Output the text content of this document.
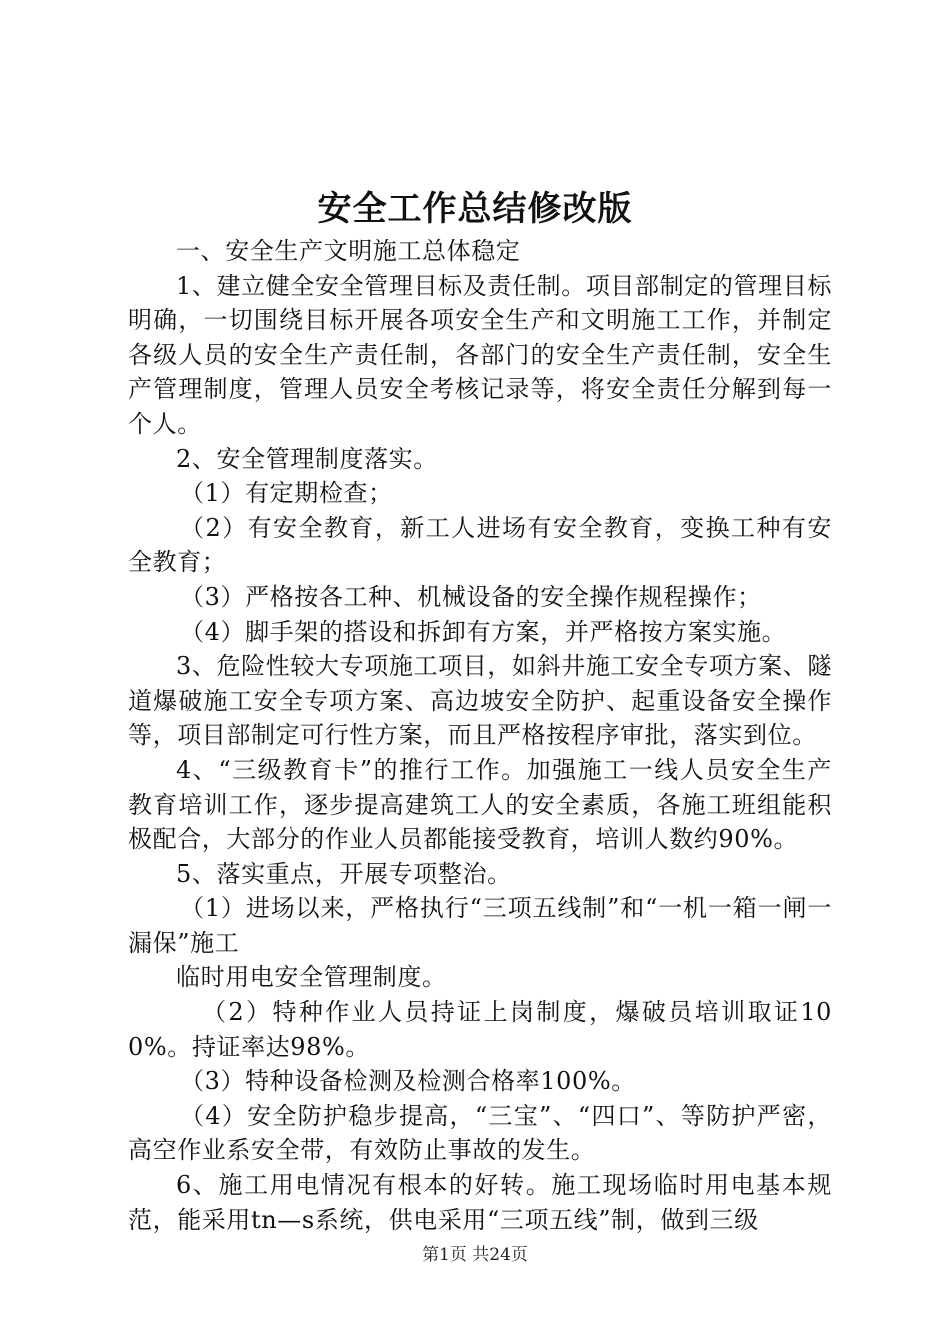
安全工作总结修改版

一、安全生产文明施工总体稳定

1、建立健全安全管理目标及责任制。项目部制定的管理目标明确，一切围绕目标开展各项安全生产和文明施工工作，并制定各级人员的安全生产责任制，各部门的安全生产责任制，安全生产管理制度，管理人员安全考核记录等，将安全责任分解到每一个人。

2、安全管理制度落实。

（1）有定期检查；

（2）有安全教育，新工人进场有安全教育，变换工种有安全教育；

（3）严格按各工种、机械设备的安全操作规程操作；

（4）脚手架的搭设和拆卸有方案，并严格按方案实施。

3、危险性较大专项施工项目，如斜井施工安全专项方案、隧道爆破施工安全专项方案、高边坡安全防护、起重设备安全操作等，项目部制定可行性方案，而且严格按程序审批，落实到位。

4、“三级教育卡”的推行工作。加强施工一线人员安全生产教育培训工作，逐步提高建筑工人的安全素质，各施工班组能积极配合，大部分的作业人员都能接受教育，培训人数约90%。

5、落实重点，开展专项整治。

（1）进场以来，严格执行“三项五线制”和“一机一箱一闸一漏保”施工

临时用电安全管理制度。

（2）特种作业人员持证上岗制度，爆破员培训取证100%。持证率达98%。

（3）特种设备检测及检测合格率100%。

（4）安全防护稳步提高，“三宝”、“四口”、等防护严密，高空作业系安全带，有效防止事故的发生。

6、施工用电情况有根本的好转。施工现场临时用电基本规范，能采用tn—s系统，供电采用“三项五线”制，做到三级

第1页 共24页
